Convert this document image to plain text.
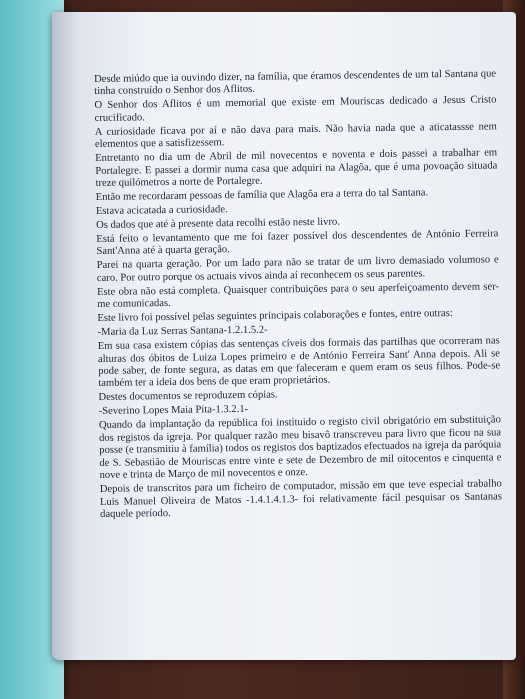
Desde miúdo que ia ouvindo dizer, na família, que éramos descendentes de um tal Santana que tinha construído o Senhor dos Aflitos.

O Senhor dos Aflitos é um memorial que existe em Mouriscas dedicado a Jesus Cristo crucificado.

A curiosidade ficava por aí e não dava para mais. Não havia nada que a aticatassse nem elementos que a satisfizessem.

Entretanto no dia um de Abril de mil novecentos e noventa e dois passei a trabalhar em Portalegre. E passei a dormir numa casa que adquiri na Alagôa, que é uma povoação situada treze quilómetros a norte de Portalegre.

Então me recordaram pessoas de família que Alagôa era a terra do tal Santana.

Estava acicatada a curiosidade.

Os dados que até à presente data recolhi estão neste livro.

Está feito o levantamento que me foi fazer possível dos descendentes de António Ferreira Sant'Anna até à quarta geração.

Parei na quarta geração. Por um lado para não se tratar de um livro demasiado volumoso e caro. Por outro porque os actuais vivos ainda aí reconhecem os seus parentes.

Este obra não está completa. Quaisquer contribuições para o seu aperfeiçoamento devem ser-me comunicadas.

Este livro foi possível pelas seguintes principais colaborações e fontes, entre outras:

-Maria da Luz Serras Santana-1.2.1.5.2-

Em sua casa existem cópias das sentenças cíveis dos formais das partilhas que ocorreram nas alturas dos óbitos de Luiza Lopes primeiro e de António Ferreira Sant' Anna depois. Ali se pode saber, de fonte segura, as datas em que faleceram e quem eram os seus filhos. Pode-se também ter a ideia dos bens de que eram proprietários.

Destes documentos se reproduzem cópias.

-Severino Lopes Maia Pita-1.3.2.1-

Quando da implantação da república foi instituido o registo civil obrigatório em substituição dos registos da igreja. Por qualquer razão meu bisavô transcreveu para livro que ficou na sua posse (e transmitiu à família) todos os registos dos baptizados efectuados na igreja da paróquia de S. Sebastião de Mouriscas entre vinte e sete de Dezembro de mil oitocentos e cinquenta e nove e trinta de Março de mil novecentos e onze.

Depois de transcritos para um ficheiro de computador, missão em que teve especial trabalho Luis Manuel Oliveira de Matos -1.4.1.4.1.3- foi relativamente fácil pesquisar os Santanas daquele período.
